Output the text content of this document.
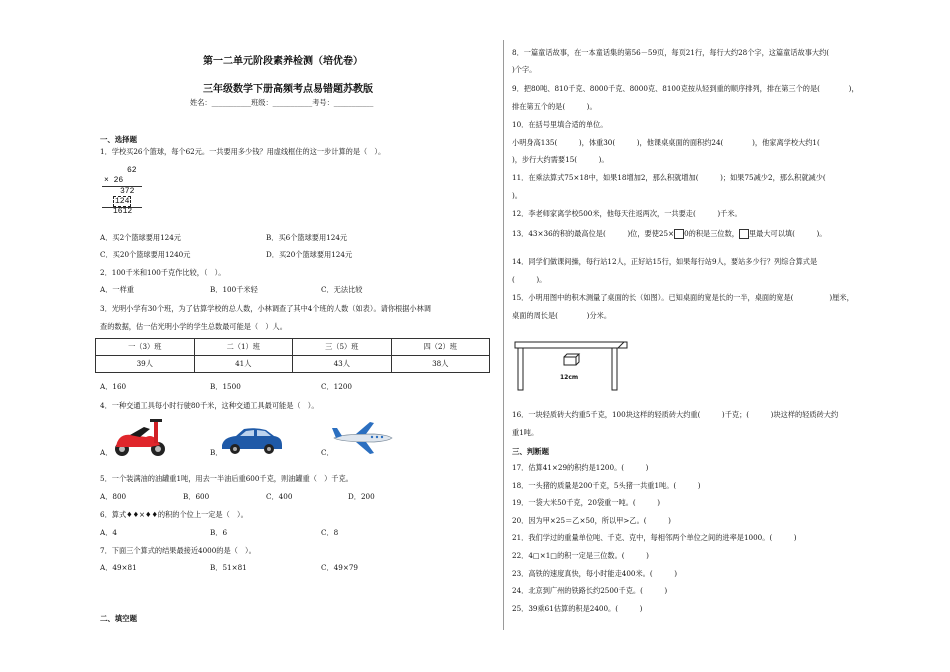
第一二单元阶段素养检测（培优卷）
三年级数学下册高频考点易错题苏教版
姓名：___________班级：___________考号：___________
一、选择题
1．学校买26个篮球，每个62元。一共要用多少钱？用虚线框住的这一步计算的是（　）。
62
× 26
372
124
1612
A．买2个篮球要用124元	B．买6个篮球要用124元
C．买20个篮球要用1240元	D．买20个篮球要用124元
2．100千米和100千克作比较，（　）。
A．一样重	B．100千米轻	C．无法比较
3．光明小学有30个班，为了估算学校的总人数，小林调查了其中4个班的人数（如表）。请你根据小林调
查的数据，估一估光明小学的学生总数最可能是（　）人。
一（3）班	二（1）班	三（5）班	四（2）班
39人	41人	43人	38人
A．160	B．1500	C．1200
4．一种交通工具每小时行驶80千米，这种交通工具最可能是（　）。
A．	B．	C．
5．一个装满油的油罐重1吨，用去一半油后重600千克，则油罐重（　）千克。
A．800	B．600	C．400	D．200
6．算式♦♦×♦♦的积的个位上一定是（　）。
A．4	B．6	C．8
7．下面三个算式的结果最接近4000的是（　）。
A．49×81	B．51×81	C．49×79
二、填空题
8．一篇童话故事，在一本童话集的第56－59页，每页21行，每行大约28个字，这篇童话故事大约(
)个字。
9．把80吨、810千克、8000千克、8000克、8100克按从轻到重的顺序排列，排在第三个的是(　　　　)，
排在第五个的是(　　　)。
10．在括号里填合适的单位。
小明身高135(　　　)，体重30(　　　)，他课桌桌面的面积约24(　　　　)，他家离学校大约1(
)，步行大约需要15(　　　)。
11．在乘法算式75×18中，如果18增加2，那么积就增加(　　　)；如果75减少2，那么积就减少(
)。
12．李老师家离学校500米，他每天往返两次，一共要走(　　　)千米。
13．43×36的积的最高位是(　　　)位，要使25× 0的积是三位数， 里最大可以填(　　　)。
14．同学们做课间操，每行站12人，正好站15行，如果每行站9人，要站多少行？列综合算式是
(　　　)。
15．小明用图中的积木测量了桌面的长（如图）。已知桌面的宽是长的一半，桌面的宽是(　　　　　)厘米，
桌面的周长是(　　　　)分米。
12cm
16．一块轻质砖大约重5千克，100块这样的轻质砖大约重(　　　)千克；(　　　)块这样的轻质砖大约
重1吨。
三、判断题
17．估算41×29的积约是1200。(　　　)
18．一头猪的质量是200千克，5头猪一共重1吨。(　　　)
19．一袋大米50千克，20袋重一吨。(　　　)
20．因为甲×25＝乙×50，所以甲>乙。(　　　)
21．我们学过的重量单位吨、千克、克中，每相邻两个单位之间的进率是1000。(　　　)
22．4□×1□的积一定是三位数。(　　　)
23．高铁的速度真快，每小时能走400米。(　　　)
24．北京到广州的铁路长约2500千克。(　　　)
25．39乘61估算的积是2400。(　　　)
